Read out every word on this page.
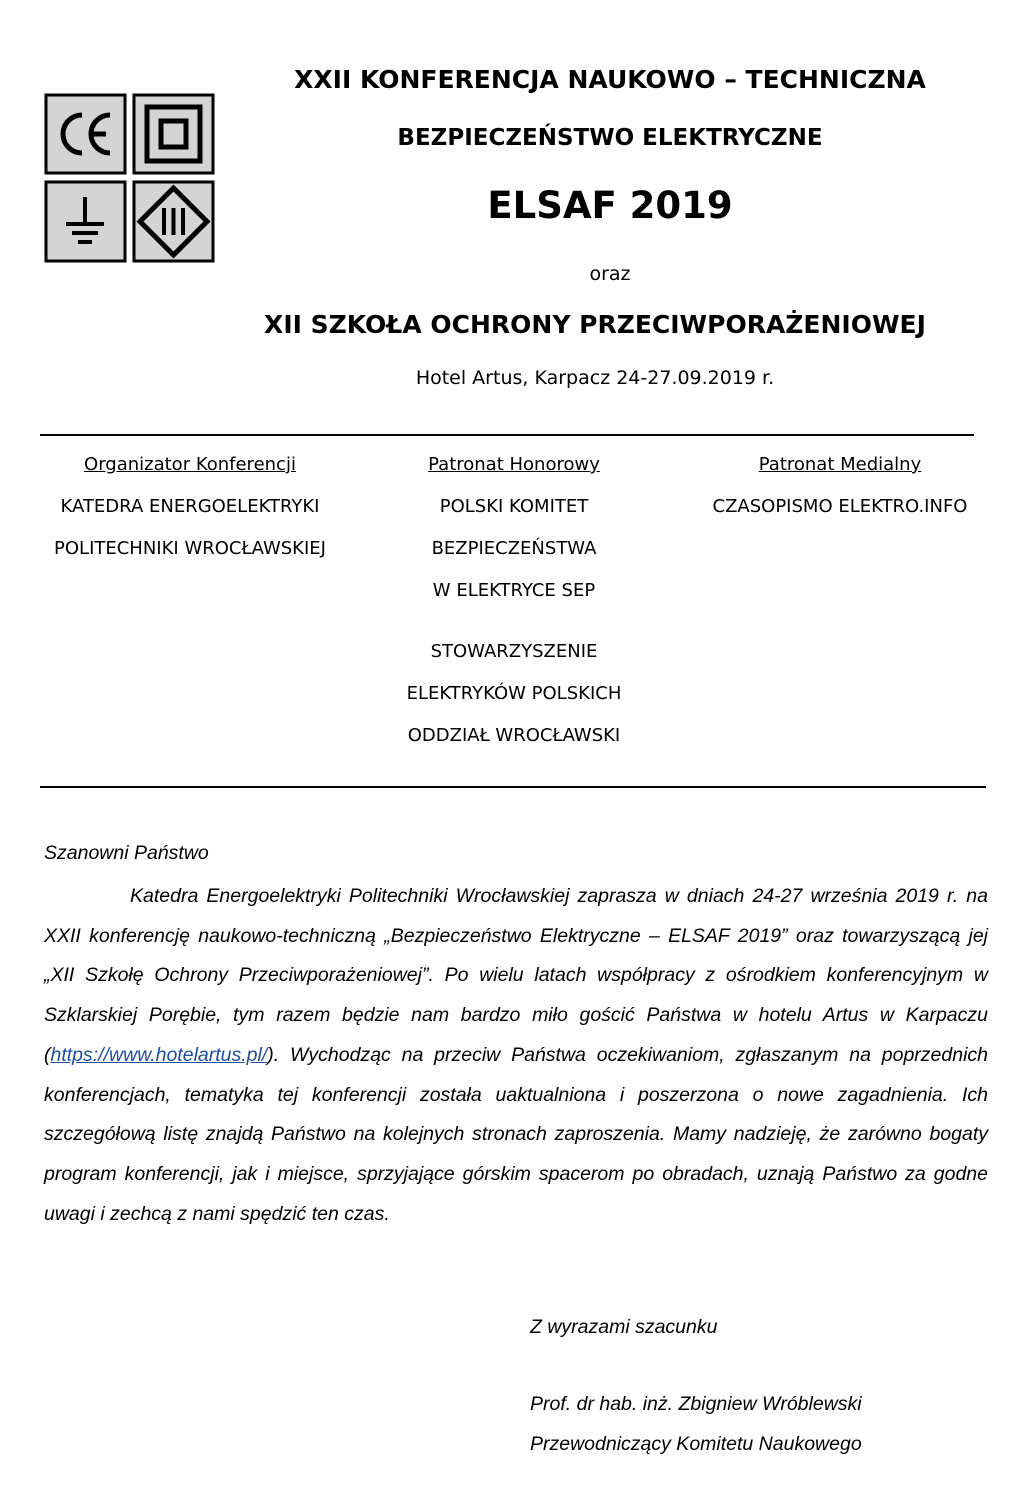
XXII KONFERENCJA NAUKOWO – TECHNICZNA
BEZPIECZEŃSTWO ELEKTRYCZNE
ELSAF 2019
oraz
XII SZKOŁA OCHRONY PRZECIWPORAŻENIOWEJ
Hotel Artus, Karpacz 24-27.09.2019 r.
Organizator Konferencji
KATEDRA ENERGOELEKTRYKI
POLITECHNIKI WROCŁAWSKIEJ
Patronat Honorowy
POLSKI KOMITET
BEZPIECZEŃSTWA
W ELEKTRYCE SEP
STOWARZYSZENIE
ELEKTRYKÓW POLSKICH
ODDZIAŁ WROCŁAWSKI
Patronat Medialny
CZASOPISMO ELEKTRO.INFO
Szanowni Państwo
Katedra Energoelektryki Politechniki Wrocławskiej zaprasza w dniach 24-27 września 2019 r. na XXII konferencję naukowo-techniczną „Bezpieczeństwo Elektryczne – ELSAF 2019” oraz towarzyszącą jej „XII Szkołę Ochrony Przeciwporażeniowej”. Po wielu latach współpracy z ośrodkiem konferencyjnym w Szklarskiej Porębie, tym razem będzie nam bardzo miło gościć Państwa w hotelu Artus w Karpaczu (https://www.hotelartus.pl/). Wychodząc na przeciw Państwa oczekiwaniom, zgłaszanym na poprzednich konferencjach, tematyka tej konferencji została uaktualniona i poszerzona o nowe zagadnienia. Ich szczegółową listę znajdą Państwo na kolejnych stronach zaproszenia. Mamy nadzieję, że zarówno bogaty program konferencji, jak i miejsce, sprzyjające górskim spacerom po obradach, uznają Państwo za godne uwagi i zechcą z nami spędzić ten czas.
Z wyrazami szacunku
Prof. dr hab. inż. Zbigniew Wróblewski
Przewodniczący Komitetu Naukowego
